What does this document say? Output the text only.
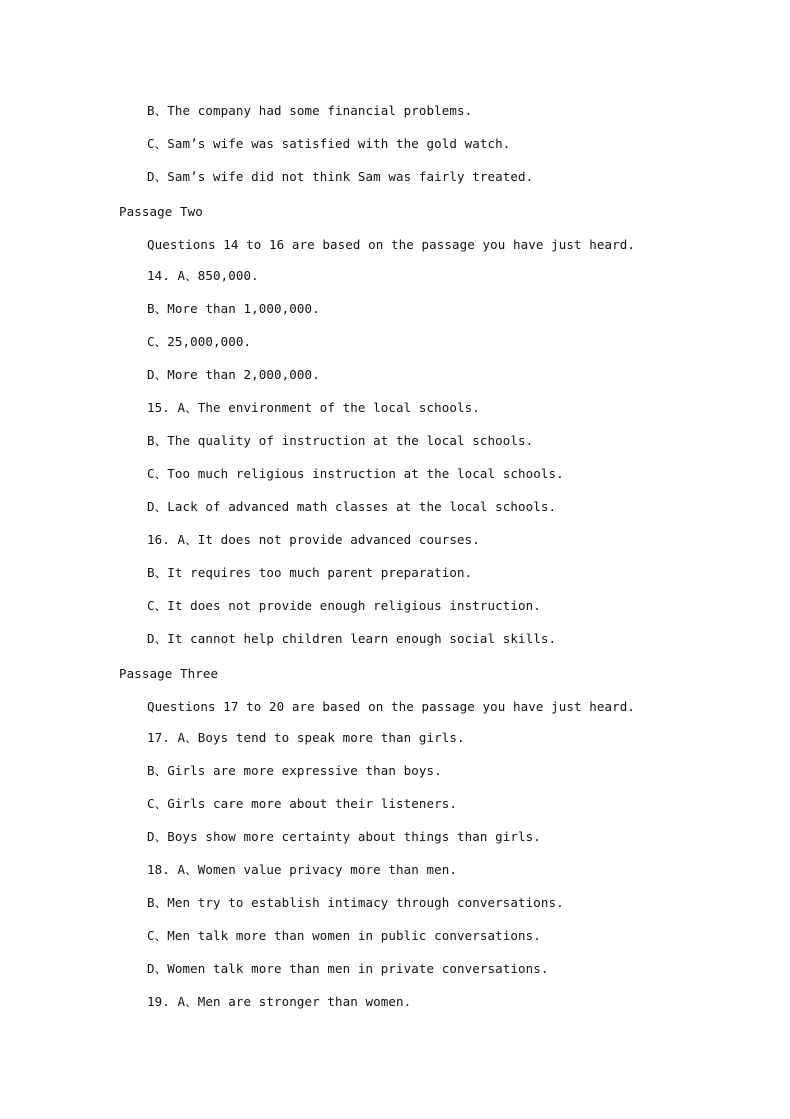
B、The company had some financial problems.
C、Sam’s wife was satisfied with the gold watch.
D、Sam’s wife did not think Sam was fairly treated.
Passage Two
Questions 14 to 16 are based on the passage you have just heard.
14. A、850,000.
B、More than 1,000,000.
C、25,000,000.
D、More than 2,000,000.
15. A、The environment of the local schools.
B、The quality of instruction at the local schools.
C、Too much religious instruction at the local schools.
D、Lack of advanced math classes at the local schools.
16. A、It does not provide advanced courses.
B、It requires too much parent preparation.
C、It does not provide enough religious instruction.
D、It cannot help children learn enough social skills.
Passage Three
Questions 17 to 20 are based on the passage you have just heard.
17. A、Boys tend to speak more than girls.
B、Girls are more expressive than boys.
C、Girls care more about their listeners.
D、Boys show more certainty about things than girls.
18. A、Women value privacy more than men.
B、Men try to establish intimacy through conversations.
C、Men talk more than women in public conversations.
D、Women talk more than men in private conversations.
19. A、Men are stronger than women.
